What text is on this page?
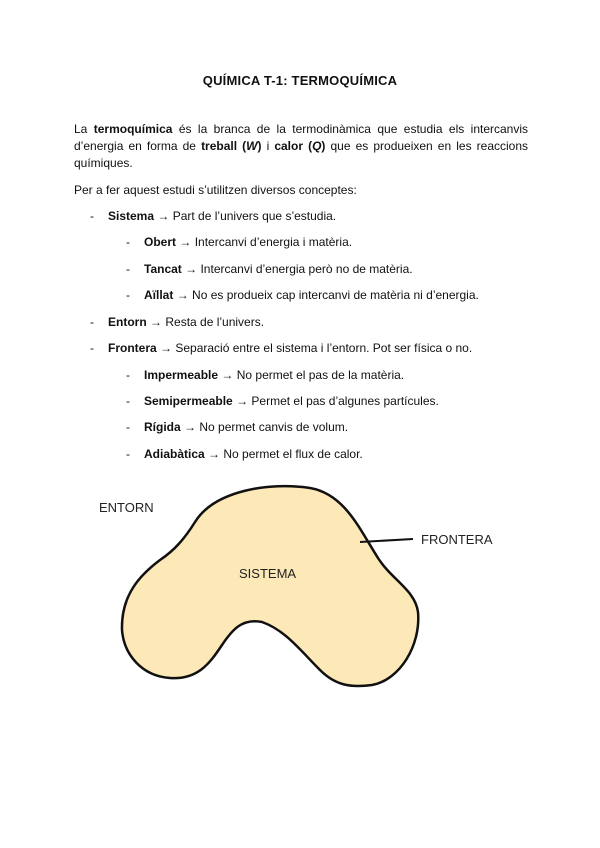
QUÍMICA T-1: TERMOQUÍMICA
La termoquímica és la branca de la termodinàmica que estudia els intercanvis d’energia en forma de treball (W) i calor (Q) que es produeixen en les reaccions químiques.
Per a fer aquest estudi s’utilitzen diversos conceptes:
- Sistema → Part de l’univers que s’estudia.
- Obert → Intercanvi d’energia i matèria.
- Tancat → Intercanvi d’energia però no de matèria.
- Aïllat → No es produeix cap intercanvi de matèria ni d’energia.
- Entorn → Resta de l’univers.
- Frontera → Separació entre el sistema i l’entorn. Pot ser física o no.
- Impermeable → No permet el pas de la matèria.
- Semipermeable → Permet el pas d’algunes partícules.
- Rígida → No permet canvis de volum.
- Adiabàtica → No permet el flux de calor.
ENTORN
SISTEMA
FRONTERA
